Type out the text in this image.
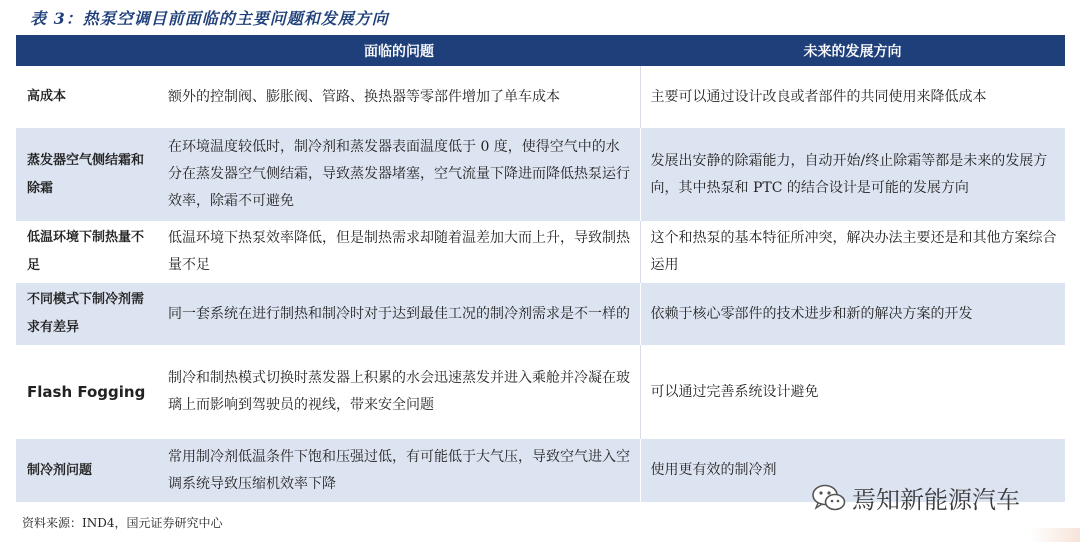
表 3：热泵空调目前面临的主要问题和发展方向
	面临的问题	未来的发展方向
高成本	额外的控制阀、膨胀阀、管路、换热器等零部件增加了单车成本	主要可以通过设计改良或者部件的共同使用来降低成本
蒸发器空气侧结霜和除霜	在环境温度较低时，制冷剂和蒸发器表面温度低于 0 度，使得空气中的水分在蒸发器空气侧结霜，导致蒸发器堵塞，空气流量下降进而降低热泵运行效率，除霜不可避免	发展出安静的除霜能力，自动开始/终止除霜等都是未来的发展方向，其中热泵和 PTC 的结合设计是可能的发展方向
低温环境下制热量不足	低温环境下热泵效率降低，但是制热需求却随着温差加大而上升，导致制热量不足	这个和热泵的基本特征所冲突，解决办法主要还是和其他方案综合运用
不同模式下制冷剂需求有差异	同一套系统在进行制热和制冷时对于达到最佳工况的制冷剂需求是不一样的	依赖于核心零部件的技术进步和新的解决方案的开发
Flash Fogging	制冷和制热模式切换时蒸发器上积累的水会迅速蒸发并进入乘舱并冷凝在玻璃上而影响到驾驶员的视线，带来安全问题	可以通过完善系统设计避免
制冷剂问题	常用制冷剂低温条件下饱和压强过低，有可能低于大气压，导致空气进入空调系统导致压缩机效率下降	使用更有效的制冷剂
资料来源：IND4，国元证券研究中心
焉知新能源汽车
